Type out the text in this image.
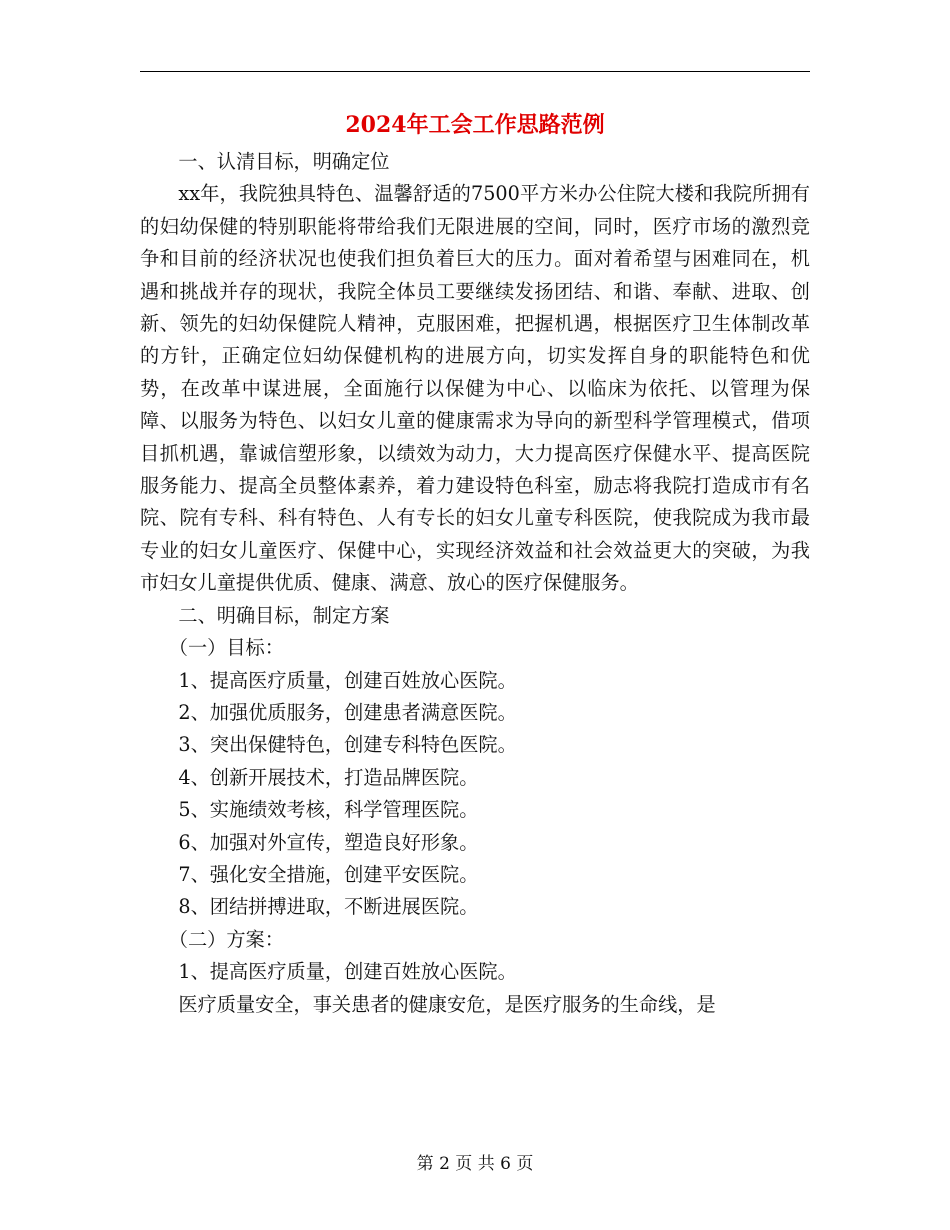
2024年工会工作思路范例

一、认清目标，明确定位

xx年，我院独具特色、温馨舒适的7500平方米办公住院大楼和我院所拥有的妇幼保健的特别职能将带给我们无限进展的空间，同时，医疗市场的激烈竞争和目前的经济状况也使我们担负着巨大的压力。面对着希望与困难同在，机遇和挑战并存的现状，我院全体员工要继续发扬团结、和谐、奉献、进取、创新、领先的妇幼保健院人精神，克服困难，把握机遇，根据医疗卫生体制改革的方针，正确定位妇幼保健机构的进展方向，切实发挥自身的职能特色和优势，在改革中谋进展，全面施行以保健为中心、以临床为依托、以管理为保障、以服务为特色、以妇女儿童的健康需求为导向的新型科学管理模式，借项目抓机遇，靠诚信塑形象，以绩效为动力，大力提高医疗保健水平、提高医院服务能力、提高全员整体素养，着力建设特色科室，励志将我院打造成市有名院、院有专科、科有特色、人有专长的妇女儿童专科医院，使我院成为我市最专业的妇女儿童医疗、保健中心，实现经济效益和社会效益更大的突破，为我市妇女儿童提供优质、健康、满意、放心的医疗保健服务。

二、明确目标，制定方案

（一）目标：

1、提高医疗质量，创建百姓放心医院。

2、加强优质服务，创建患者满意医院。

3、突出保健特色，创建专科特色医院。

4、创新开展技术，打造品牌医院。

5、实施绩效考核，科学管理医院。

6、加强对外宣传，塑造良好形象。

7、强化安全措施，创建平安医院。

8、团结拼搏进取，不断进展医院。

（二）方案：

1、提高医疗质量，创建百姓放心医院。

医疗质量安全，事关患者的健康安危，是医疗服务的生命线，是

第 2 页 共 6 页
